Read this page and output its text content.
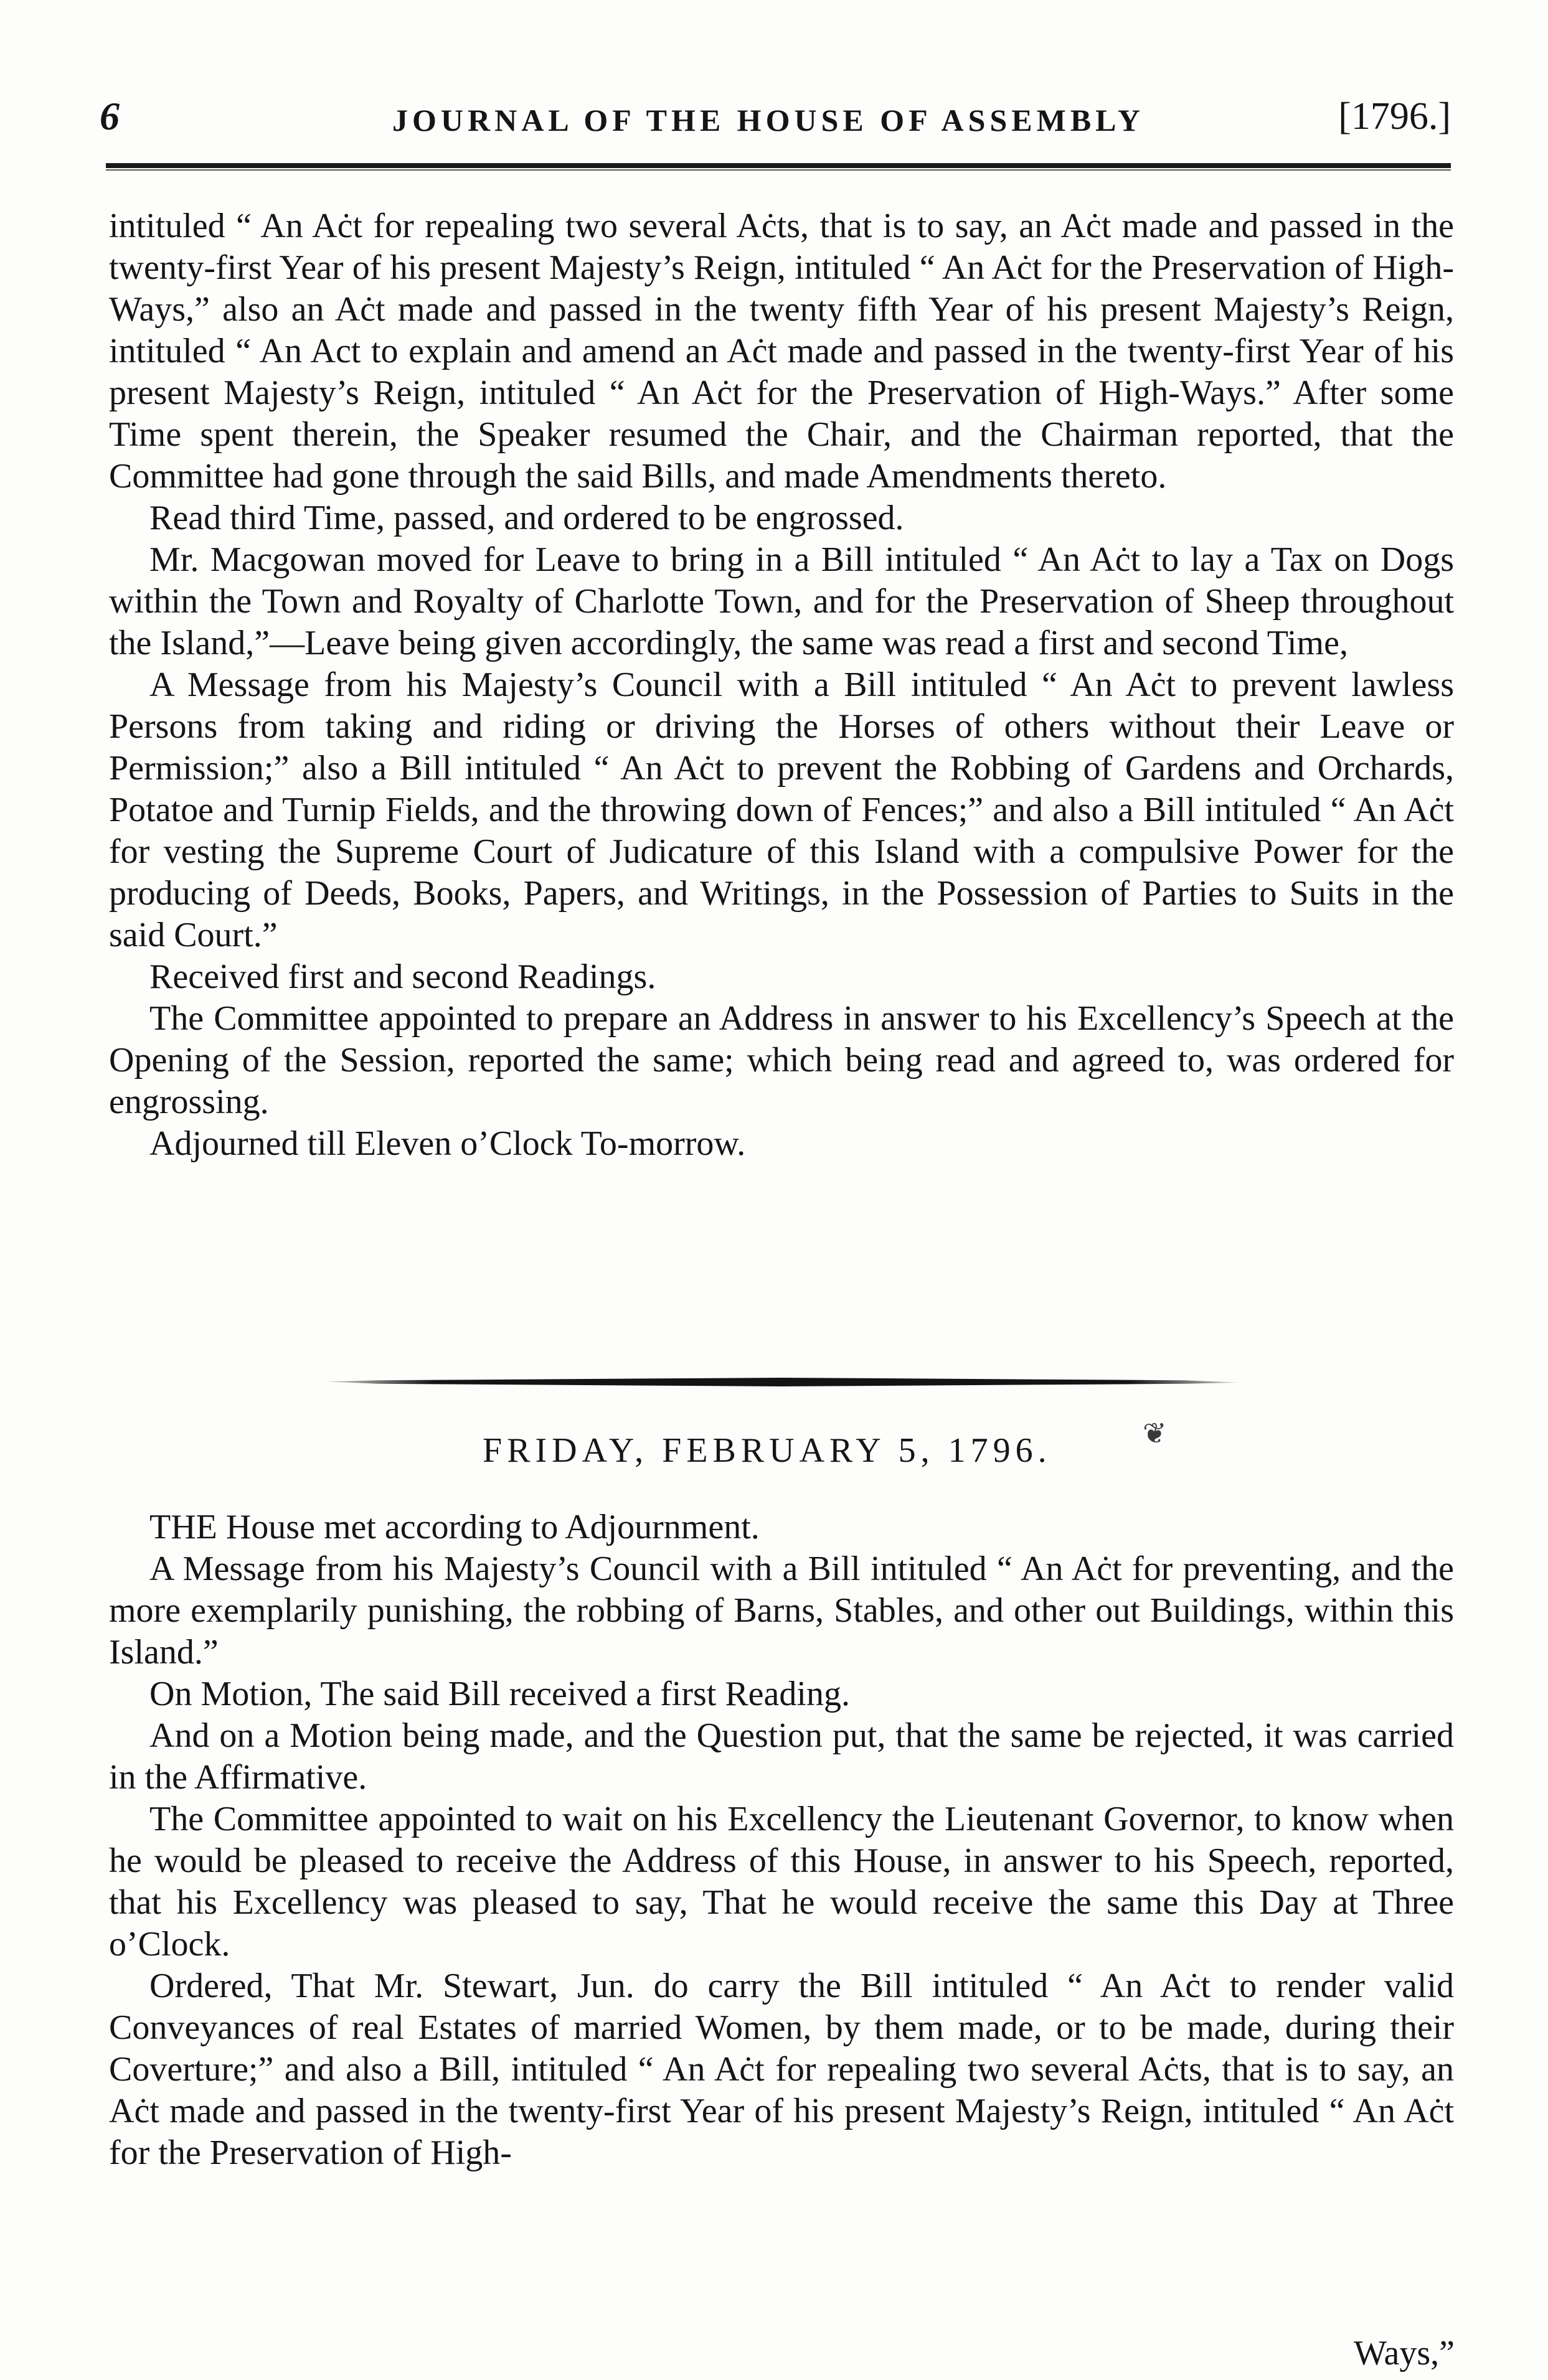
6	JOURNAL OF THE HOUSE OF ASSEMBLY	[1796.]

intituled “ An Aċt for repealing two several Aċts, that is to say, an Aċt made and passed in the twenty-first Year of his present Majesty’s Reign, intituled “ An Aċt for the Preservation of High-Ways,” also an Aċt made and passed in the twenty fifth Year of his present Majesty’s Reign, intituled “ An Act to explain and amend an Aċt made and passed in the twenty-first Year of his present Majesty’s Reign, intituled “ An Aċt for the Preservation of High-Ways.” After some Time spent therein, the Speaker resumed the Chair, and the Chairman reported, that the Committee had gone through the said Bills, and made Amendments thereto.

Read third Time, passed, and ordered to be engrossed.

Mr. Macgowan moved for Leave to bring in a Bill intituled “ An Aċt to lay a Tax on Dogs within the Town and Royalty of Charlotte Town, and for the Preservation of Sheep throughout the Island,”—Leave being given accordingly, the same was read a first and second Time,

A Message from his Majesty’s Council with a Bill intituled “ An Aċt to prevent lawless Persons from taking and riding or driving the Horses of others without their Leave or Permission;” also a Bill intituled “ An Aċt to prevent the Robbing of Gardens and Orchards, Potatoe and Turnip Fields, and the throwing down of Fences;” and also a Bill intituled “ An Aċt for vesting the Supreme Court of Judicature of this Island with a compulsive Power for the producing of Deeds, Books, Papers, and Writings, in the Possession of Parties to Suits in the said Court.”

Received first and second Readings.

The Committee appointed to prepare an Address in answer to his Excellency’s Speech at the Opening of the Session, reported the same; which being read and agreed to, was ordered for engrossing.

Adjourned till Eleven o’Clock To-morrow.

FRIDAY, FEBRUARY 5, 1796.	❦

THE House met according to Adjournment.

A Message from his Majesty’s Council with a Bill intituled “ An Aċt for preventing, and the more exemplarily punishing, the robbing of Barns, Stables, and other out Buildings, within this Island.”

On Motion, The said Bill received a first Reading.

And on a Motion being made, and the Question put, that the same be rejected, it was carried in the Affirmative.

The Committee appointed to wait on his Excellency the Lieutenant Governor, to know when he would be pleased to receive the Address of this House, in answer to his Speech, reported, that his Excellency was pleased to say, That he would receive the same this Day at Three o’Clock.

Ordered, That Mr. Stewart, Jun. do carry the Bill intituled “ An Aċt to render valid Conveyances of real Estates of married Women, by them made, or to be made, during their Coverture;” and also a Bill, intituled “ An Aċt for repealing two several Aċts, that is to say, an Aċt made and passed in the twenty-first Year of his present Majesty’s Reign, intituled “ An Aċt for the Preservation of High-

Ways,”
